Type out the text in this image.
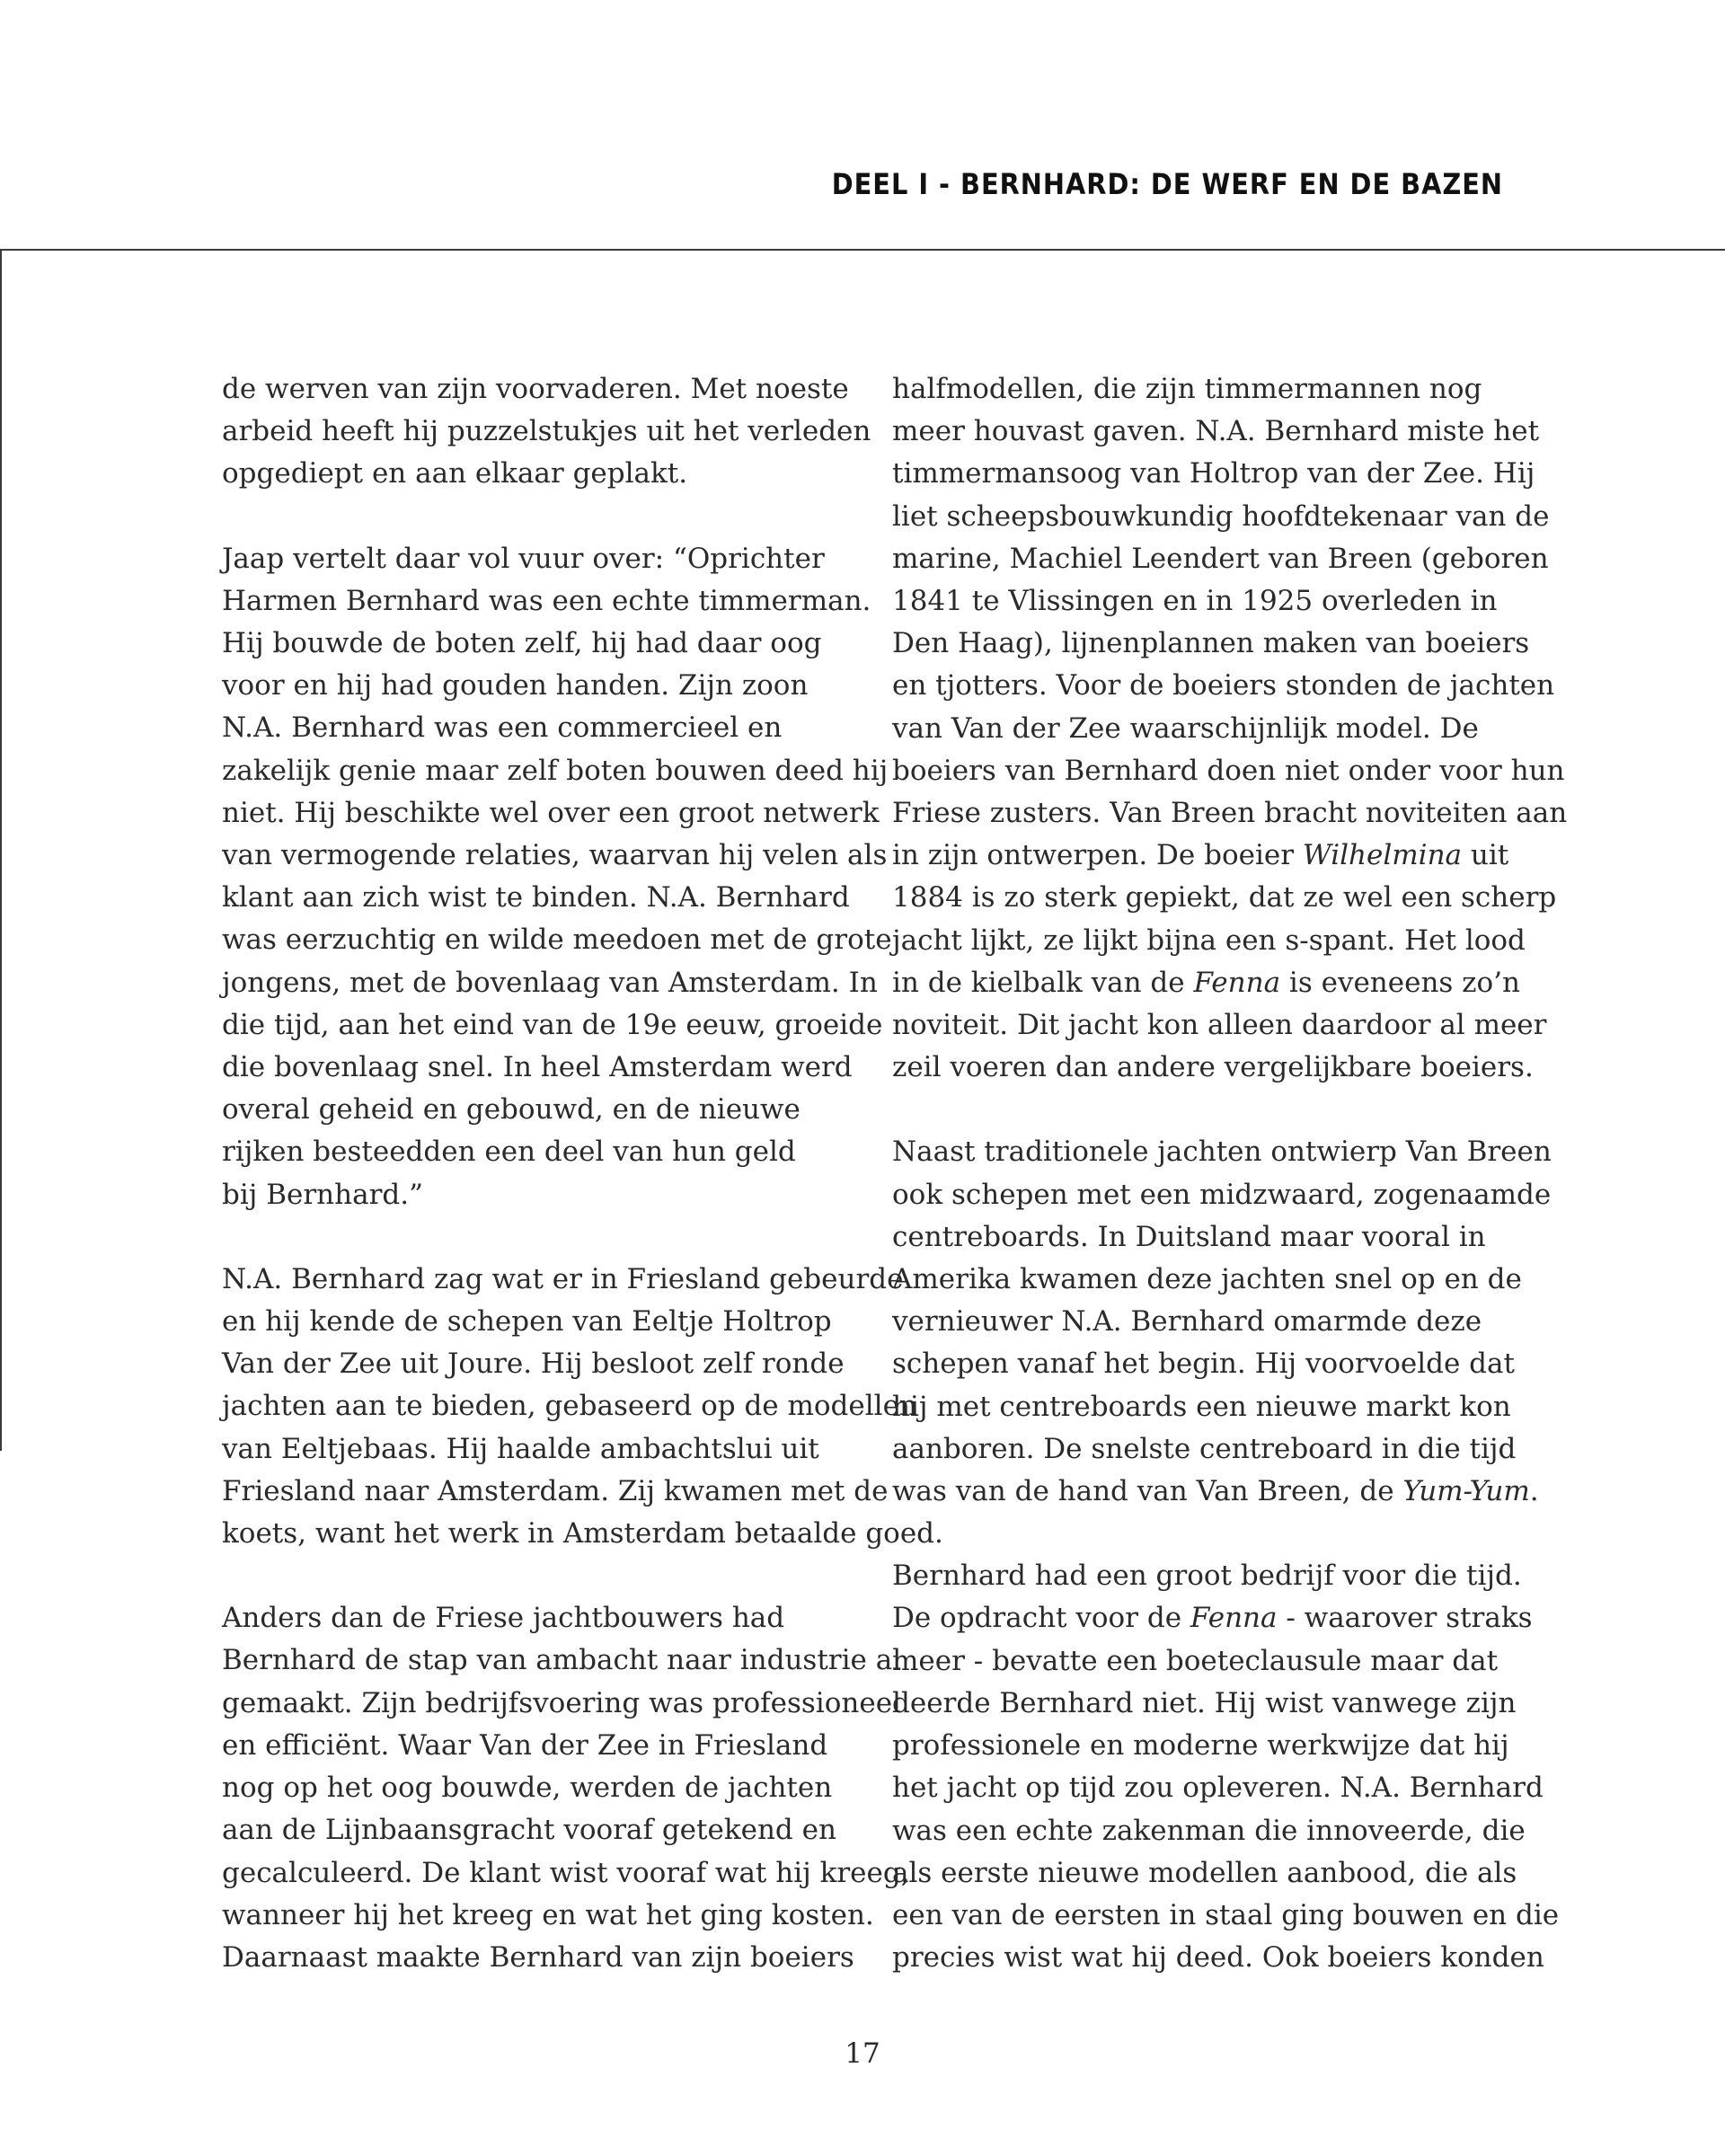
DEEL I - BERNHARD: DE WERF EN DE BAZEN

de werven van zijn voorvaderen. Met noeste
arbeid heeft hij puzzelstukjes uit het verleden
opgediept en aan elkaar geplakt.

Jaap vertelt daar vol vuur over: “Oprichter
Harmen Bernhard was een echte timmerman.
Hij bouwde de boten zelf, hij had daar oog
voor en hij had gouden handen. Zijn zoon
N.A. Bernhard was een commercieel en
zakelijk genie maar zelf boten bouwen deed hij
niet. Hij beschikte wel over een groot netwerk
van vermogende relaties, waarvan hij velen als
klant aan zich wist te binden. N.A. Bernhard
was eerzuchtig en wilde meedoen met de grote
jongens, met de bovenlaag van Amsterdam. In
die tijd, aan het eind van de 19e eeuw, groeide
die bovenlaag snel. In heel Amsterdam werd
overal geheid en gebouwd, en de nieuwe
rijken besteedden een deel van hun geld
bij Bernhard.”

N.A. Bernhard zag wat er in Friesland gebeurde
en hij kende de schepen van Eeltje Holtrop
Van der Zee uit Joure. Hij besloot zelf ronde
jachten aan te bieden, gebaseerd op de modellen
van Eeltjebaas. Hij haalde ambachtslui uit
Friesland naar Amsterdam. Zij kwamen met de
koets, want het werk in Amsterdam betaalde goed.

Anders dan de Friese jachtbouwers had
Bernhard de stap van ambacht naar industrie al
gemaakt. Zijn bedrijfsvoering was professioneel
en efficiënt. Waar Van der Zee in Friesland
nog op het oog bouwde, werden de jachten
aan de Lijnbaansgracht vooraf getekend en
gecalculeerd. De klant wist vooraf wat hij kreeg,
wanneer hij het kreeg en wat het ging kosten.
Daarnaast maakte Bernhard van zijn boeiers

halfmodellen, die zijn timmermannen nog
meer houvast gaven. N.A. Bernhard miste het
timmermansoog van Holtrop van der Zee. Hij
liet scheepsbouwkundig hoofdtekenaar van de
marine, Machiel Leendert van Breen (geboren
1841 te Vlissingen en in 1925 overleden in
Den Haag), lijnenplannen maken van boeiers
en tjotters. Voor de boeiers stonden de jachten
van Van der Zee waarschijnlijk model. De
boeiers van Bernhard doen niet onder voor hun
Friese zusters. Van Breen bracht noviteiten aan
in zijn ontwerpen. De boeier Wilhelmina uit
1884 is zo sterk gepiekt, dat ze wel een scherp
jacht lijkt, ze lijkt bijna een s-spant. Het lood
in de kielbalk van de Fenna is eveneens zo’n
noviteit. Dit jacht kon alleen daardoor al meer
zeil voeren dan andere vergelijkbare boeiers.

Naast traditionele jachten ontwierp Van Breen
ook schepen met een midzwaard, zogenaamde
centreboards. In Duitsland maar vooral in
Amerika kwamen deze jachten snel op en de
vernieuwer N.A. Bernhard omarmde deze
schepen vanaf het begin. Hij voorvoelde dat
hij met centreboards een nieuwe markt kon
aanboren. De snelste centreboard in die tijd
was van de hand van Van Breen, de Yum-Yum.

Bernhard had een groot bedrijf voor die tijd.
De opdracht voor de Fenna - waarover straks
meer - bevatte een boeteclausule maar dat
deerde Bernhard niet. Hij wist vanwege zijn
professionele en moderne werkwijze dat hij
het jacht op tijd zou opleveren. N.A. Bernhard
was een echte zakenman die innoveerde, die
als eerste nieuwe modellen aanbood, die als
een van de eersten in staal ging bouwen en die
precies wist wat hij deed. Ook boeiers konden

17
